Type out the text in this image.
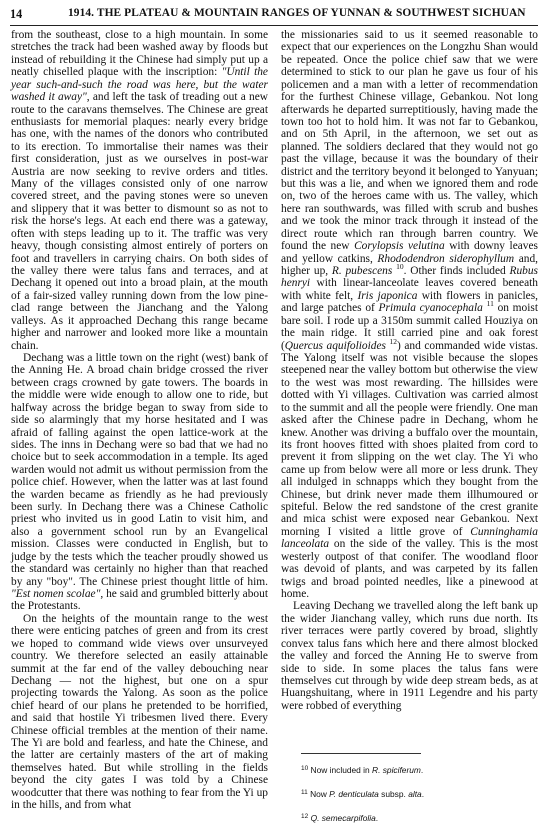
14	1914. THE PLATEAU & MOUNTAIN RANGES OF YUNNAN & SOUTHWEST SICHUAN

from the southeast, close to a high mountain. In some stretches the track had been washed away by floods but instead of rebuilding it the Chinese had simply put up a neatly chiselled plaque with the inscription: "Until the year such-and-such the road was here, but the water washed it away", and left the task of treading out a new route to the caravans themselves. The Chinese are great enthusiasts for memorial plaques: nearly every bridge has one, with the names of the donors who contributed to its erection. To immortalise their names was their first consideration, just as we ourselves in post-war Austria are now seeking to revive orders and titles. Many of the villages consisted only of one narrow covered street, and the paving stones were so uneven and slippery that it was better to dismount so as not to risk the horse's legs. At each end there was a gateway, often with steps leading up to it. The traffic was very heavy, though consisting almost entirely of porters on foot and travellers in carrying chairs. On both sides of the valley there were talus fans and terraces, and at Dechang it opened out into a broad plain, at the mouth of a fair-sized valley running down from the low pine-clad range between the Jianchang and the Yalong valleys. As it approached Dechang this range became higher and narrower and looked more like a mountain chain.

Dechang was a little town on the right (west) bank of the Anning He. A broad chain bridge crossed the river between crags crowned by gate towers. The boards in the middle were wide enough to allow one to ride, but halfway across the bridge began to sway from side to side so alarmingly that my horse hesitated and I was afraid of falling against the open lattice-work at the sides. The inns in Dechang were so bad that we had no choice but to seek accommodation in a temple. Its aged warden would not admit us without permission from the police chief. However, when the latter was at last found the warden became as friendly as he had previously been surly. In Dechang there was a Chinese Catholic priest who invited us in good Latin to visit him, and also a government school run by an Evangelical mission. Classes were conducted in English, but to judge by the tests which the teacher proudly showed us the standard was certainly no higher than that reached by any "boy". The Chinese priest thought little of him. "Est nomen scolae", he said and grumbled bitterly about the Protestants.

On the heights of the mountain range to the west there were enticing patches of green and from its crest we hoped to command wide views over unsurveyed country. We therefore selected an easily attainable summit at the far end of the valley debouching near Dechang — not the highest, but one on a spur projecting towards the Yalong. As soon as the police chief heard of our plans he pretended to be horrified, and said that hostile Yi tribesmen lived there. Every Chinese official trembles at the mention of their name. The Yi are bold and fearless, and hate the Chinese, and the latter are certainly masters of the art of making themselves hated. But while strolling in the fields beyond the city gates I was told by a Chinese woodcutter that there was nothing to fear from the Yi up in the hills, and from what

the missionaries said to us it seemed reasonable to expect that our experiences on the Longzhu Shan would be repeated. Once the police chief saw that we were determined to stick to our plan he gave us four of his policemen and a man with a letter of recommendation for the furthest Chinese village, Gebankou. Not long afterwards he departed surreptitiously, having made the town too hot to hold him. It was not far to Gebankou, and on 5th April, in the afternoon, we set out as planned. The soldiers declared that they would not go past the village, because it was the boundary of their district and the territory beyond it belonged to Yanyuan; but this was a lie, and when we ignored them and rode on, two of the heroes came with us. The valley, which here ran southwards, was filled with scrub and bushes and we took the minor track through it instead of the direct route which ran through barren country. We found the new Corylopsis velutina with downy leaves and yellow catkins, Rhododendron siderophyllum and, higher up, R. pubescens $^{10}$. Other finds included Rubus henryi with linear-lanceolate leaves covered beneath with white felt, Iris japonica with flowers in panicles, and large patches of Primula cyanocephala $^{11}$ on moist bare soil. I rode up a 3150m summit called Houziya on the main ridge. It still carried pine and oak forest (Quercus aquifolioides $^{12}$) and commanded wide vistas. The Yalong itself was not visible because the slopes steepened near the valley bottom but otherwise the view to the west was most rewarding. The hillsides were dotted with Yi villages. Cultivation was carried almost to the summit and all the people were friendly. One man asked after the Chinese padre in Dechang, whom he knew. Another was driving a buffalo over the mountain, its front hooves fitted with shoes plaited from cord to prevent it from slipping on the wet clay. The Yi who came up from below were all more or less drunk. They all indulged in schnapps which they bought from the Chinese, but drink never made them illhumoured or spiteful. Below the red sandstone of the crest granite and mica schist were exposed near Gebankou. Next morning I visited a little grove of Cunninghamia lanceolata on the side of the valley. This is the most westerly outpost of that conifer. The woodland floor was devoid of plants, and was carpeted by its fallen twigs and broad pointed needles, like a pinewood at home.

Leaving Dechang we travelled along the left bank up the wider Jianchang valley, which runs due north. Its river terraces were partly covered by broad, slightly convex talus fans which here and there almost blocked the valley and forced the Anning He to swerve from side to side. In some places the talus fans were themselves cut through by wide deep stream beds, as at Huangshuitang, where in 1911 Legendre and his party were robbed of everything

$^{10}$ Now included in R. spiciferum.
$^{11}$ Now P. denticulata subsp. alta.
$^{12}$ Q. semecarpifolia.
